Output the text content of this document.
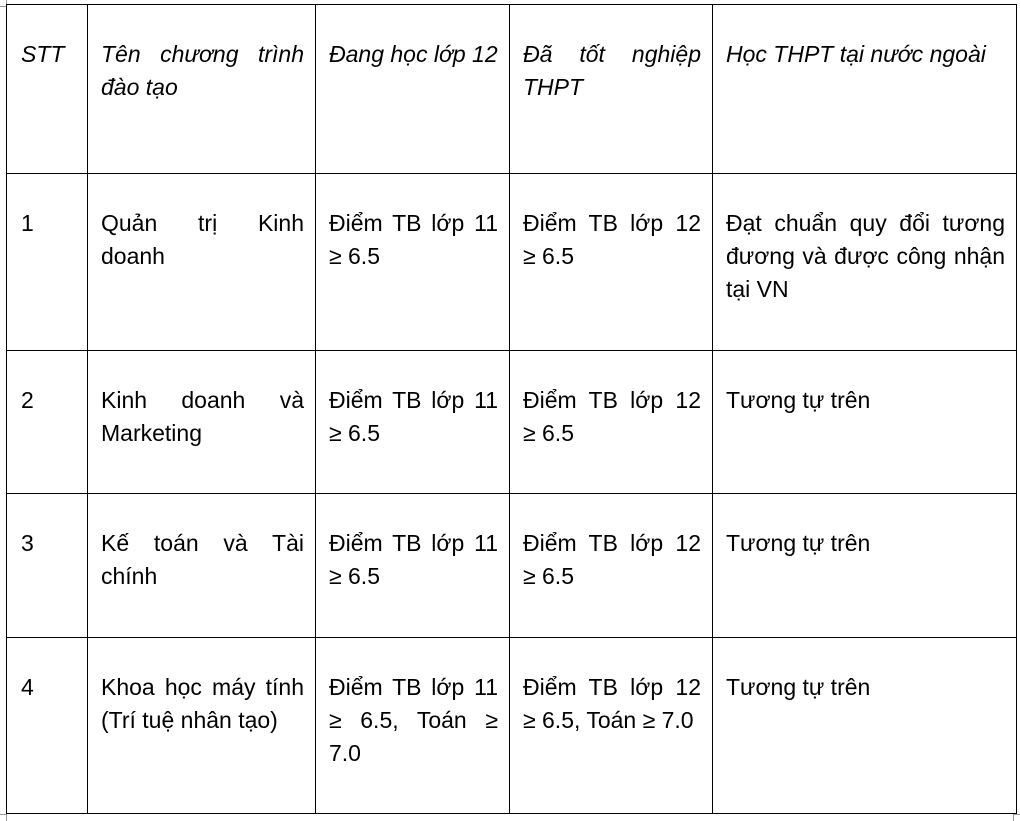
STT	Tên chương trình đào tạo	Đang học lớp 12	Đã tốt nghiệp THPT	Học THPT tại nước ngoài
1	Quản trị Kinh doanh	Điểm TB lớp 11 ≥ 6.5	Điểm TB lớp 12 ≥ 6.5	Đạt chuẩn quy đổi tương đương và được công nhận tại VN
2	Kinh doanh và Marketing	Điểm TB lớp 11 ≥ 6.5	Điểm TB lớp 12 ≥ 6.5	Tương tự trên
3	Kế toán và Tài chính	Điểm TB lớp 11 ≥ 6.5	Điểm TB lớp 12 ≥ 6.5	Tương tự trên
4	Khoa học máy tính (Trí tuệ nhân tạo)	Điểm TB lớp 11 ≥ 6.5, Toán ≥ 7.0	Điểm TB lớp 12 ≥ 6.5, Toán ≥ 7.0	Tương tự trên
